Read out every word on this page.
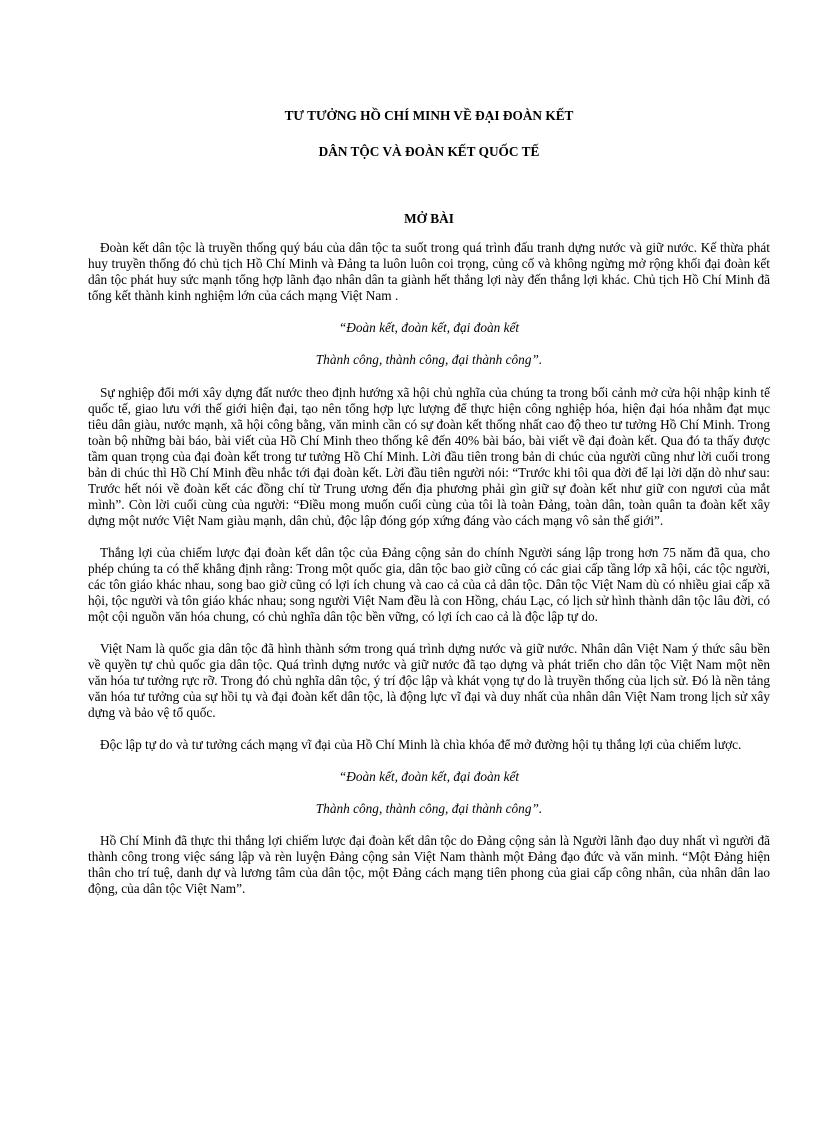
TƯ TƯỞNG HỒ CHÍ MINH VỀ ĐẠI ĐOÀN KẾT

DÂN TỘC VÀ ĐOÀN KẾT QUỐC TẾ

MỞ BÀI

Đoàn kết dân tộc là truyền thống quý báu của dân tộc ta suốt trong quá trình đấu tranh dựng nước và giữ nước. Kế thừa phát huy truyền thống đó chủ tịch Hồ Chí Minh và Đảng ta luôn luôn coi trọng, củng cố và không ngừng mở rộng khối đại đoàn kết dân tộc phát huy sức mạnh tổng hợp lãnh đạo nhân dân ta giành hết thắng lợi này đến thắng lợi khác. Chủ tịch Hồ Chí Minh đã tổng kết thành kinh nghiệm lớn của cách mạng Việt Nam .

“Đoàn kết, đoàn kết, đại đoàn kết

Thành công, thành công, đại thành công”.

Sự nghiệp đổi mới xây dựng đất nước theo định hướng xã hội chủ nghĩa của chúng ta trong bối cảnh mở cửa hội nhập kinh tế quốc tế, giao lưu với thế giới hiện đại, tạo nên tổng hợp lực lượng để thực hiện công nghiệp hóa, hiện đại hóa nhằm đạt mục tiêu dân giàu, nước mạnh, xã hội công bằng, văn minh cần có sự đoàn kết thống nhất cao độ theo tư tưởng Hồ Chí Minh. Trong toàn bộ những bài báo, bài viết của Hồ Chí Minh theo thống kê đến 40% bài báo, bài viết về đại đoàn kết. Qua đó ta thấy được tầm quan trọng của đại đoàn kết trong tư tưởng Hồ Chí Minh. Lời đầu tiên trong bản di chúc của người cũng như lời cuối trong bản di chúc thì Hồ Chí Minh đều nhắc tới đại đoàn kết. Lời đầu tiên người nói: “Trước khi tôi qua đời để lại lời dặn dò như sau: Trước hết nói về đoàn kết các đồng chí từ Trung ương đến địa phương phải gìn giữ sự đoàn kết như giữ con ngươi của mắt mình”. Còn lời cuối cùng của người: “Điều mong muốn cuối cùng của tôi là toàn Đảng, toàn dân, toàn quân ta đoàn kết xây dựng một nước Việt Nam giàu mạnh, dân chủ, độc lập đóng góp xứng đáng vào cách mạng vô sản thế giới”.

Thắng lợi của chiếm lược đại đoàn kết dân tộc của Đảng cộng sản do chính Người sáng lập trong hơn 75 năm đã qua, cho phép chúng ta có thể khẳng định rằng: Trong một quốc gia, dân tộc bao giờ cũng có các giai cấp tầng lớp xã hội, các tộc người, các tôn giáo khác nhau, song bao giờ cũng có lợi ích chung và cao cả của cả dân tộc. Dân tộc Việt Nam dù có nhiều giai cấp xã hội, tộc người và tôn giáo khác nhau; song người Việt Nam đều là con Hồng, cháu Lạc, có lịch sử hình thành dân tộc lâu đời, có một cội nguồn văn hóa chung, có chủ nghĩa dân tộc bền vững, có lợi ích cao cả là độc lập tự do.

Việt Nam là quốc gia dân tộc đã hình thành sớm trong quá trình dựng nước và giữ nước. Nhân dân Việt Nam ý thức sâu bền về quyền tự chủ quốc gia dân tộc. Quá trình dựng nước và giữ nước đã tạo dựng và phát triển cho dân tộc Việt Nam một nền văn hóa tư tưởng rực rỡ. Trong đó chủ nghĩa dân tộc, ý trí độc lập và khát vọng tự do là truyền thống của lịch sử. Đó là nền tảng văn hóa tư tưởng của sự hồi tụ và đại đoàn kết dân tộc, là động lực vĩ đại và duy nhất của nhân dân Việt Nam trong lịch sử xây dựng và bảo vệ tổ quốc.

Độc lập tự do và tư tưởng cách mạng vĩ đại của Hồ Chí Minh là chìa khóa để mở đường hội tụ thắng lợi của chiếm lược.

“Đoàn kết, đoàn kết, đại đoàn kết

Thành công, thành công, đại thành công”.

Hồ Chí Minh đã thực thi thắng lợi chiếm lược đại đoàn kết dân tộc do Đảng cộng sản là Người lãnh đạo duy nhất vì người đã thành công trong việc sáng lập và rèn luyện Đảng cộng sản Việt Nam thành một Đảng đạo đức và văn minh. “Một Đảng hiện thân cho trí tuệ, danh dự và lương tâm của dân tộc, một Đảng cách mạng tiên phong của giai cấp công nhân, của nhân dân lao động, của dân tộc Việt Nam”.
